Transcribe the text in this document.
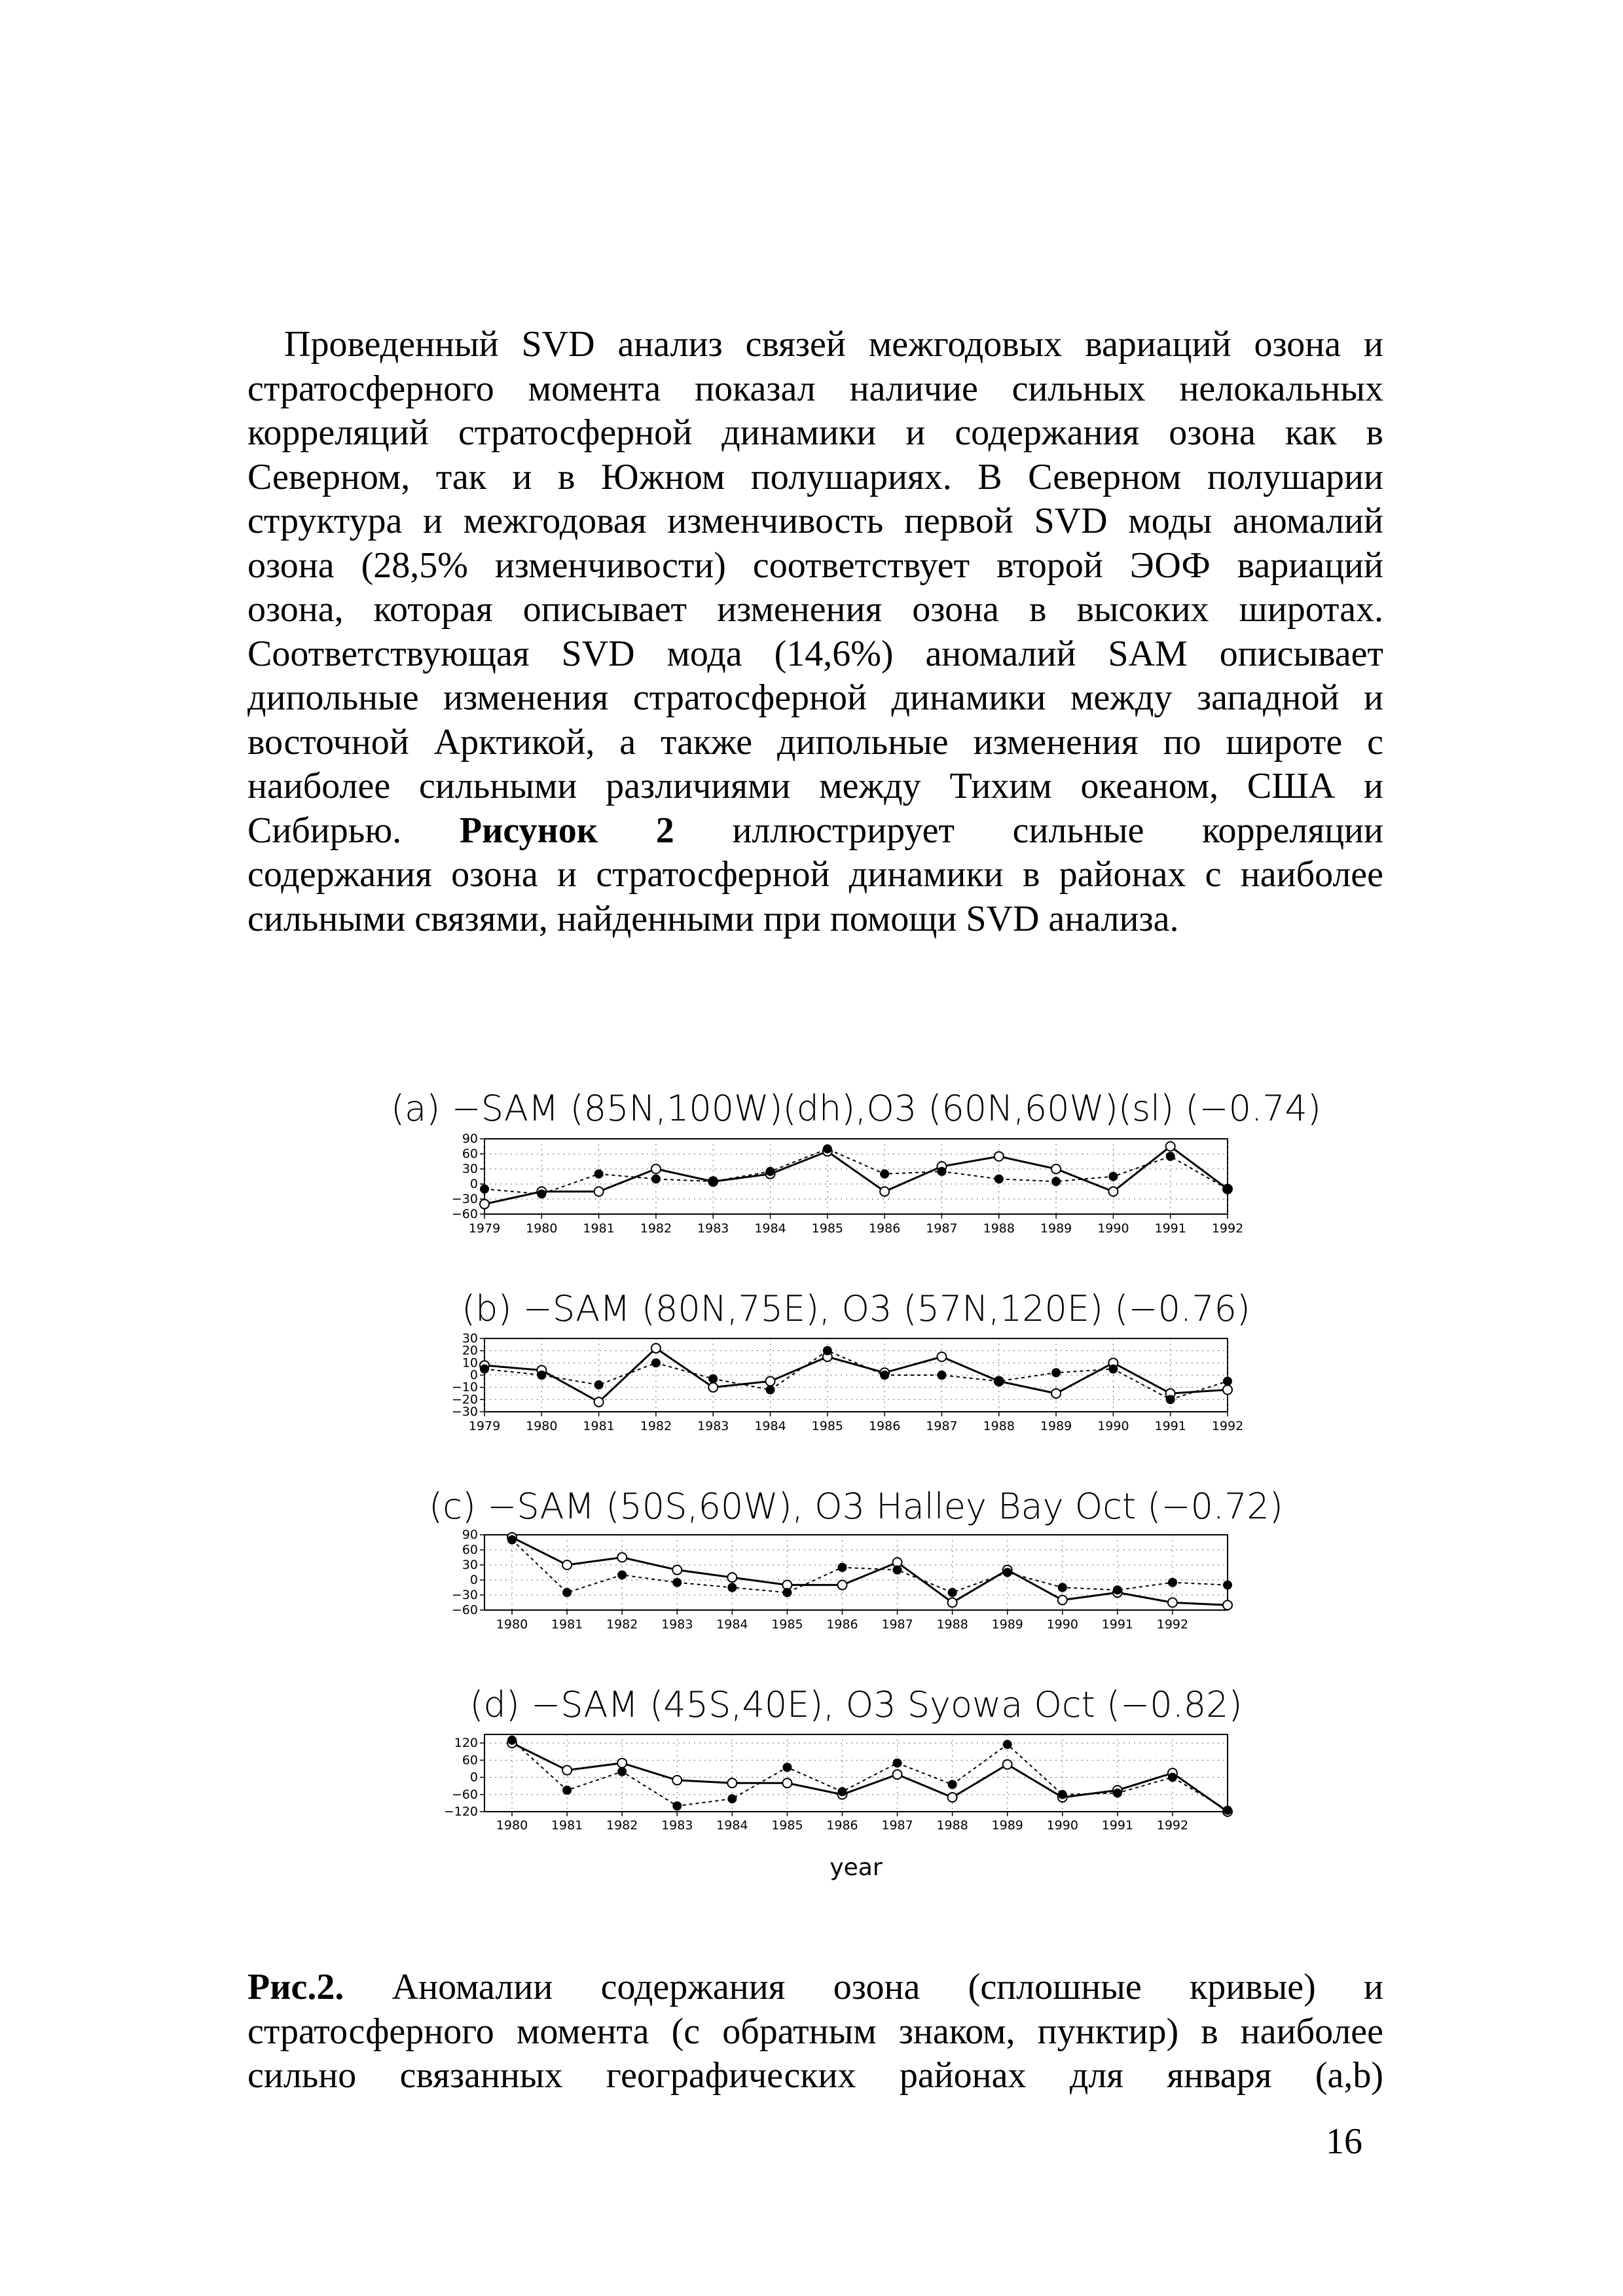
Проведенный SVD анализ связей межгодовых вариаций озона и
стратосферного момента показал наличие сильных нелокальных
корреляций стратосферной динамики и содержания озона как в
Северном, так и в Южном полушариях. В Северном полушарии
структура и межгодовая изменчивость первой SVD моды аномалий
озона (28,5% изменчивости) соответствует второй ЭОФ вариаций
озона, которая описывает изменения озона в высоких широтах.
Соответствующая SVD мода (14,6%) аномалий SAM описывает
дипольные изменения стратосферной динамики между западной и
восточной Арктикой, а также дипольные изменения по широте с
наиболее сильными различиями между Тихим океаном, США и
Сибирью. Рисунок 2 иллюстрирует сильные корреляции
содержания озона и стратосферной динамики в районах с наиболее
сильными связями, найденными при помощи SVD анализа.
(a) −SAM (85N,100W)(dh),O3 (60N,60W)(sl) (−0.74)
1979 1980 1981 1982 1983 1984 1985 1986 1987 1988 1989 1990 1991 1992
−60
−30
0
30
60
90
(b) −SAM (80N,75E), O3 (57N,120E) (−0.76)
1979 1980 1981 1982 1983 1984 1985 1986 1987 1988 1989 1990 1991 1992
−30
−20
−10
0
10
20
30
(c) −SAM (50S,60W), O3 Halley Bay Oct (−0.72)
1980 1981 1982 1983 1984 1985 1986 1987 1988 1989 1990 1991 1992
−60
−30
0
30
60
90
(d) −SAM (45S,40E), O3 Syowa Oct (−0.82)
1980 1981 1982 1983 1984 1985 1986 1987 1988 1989 1990 1991 1992
−120
−60
0
60
120
year
Рис.2. Аномалии содержания озона (сплошные кривые) и
стратосферного момента (с обратным знаком, пунктир) в наиболее
сильно связанных географических районах для января (a,b)
16
